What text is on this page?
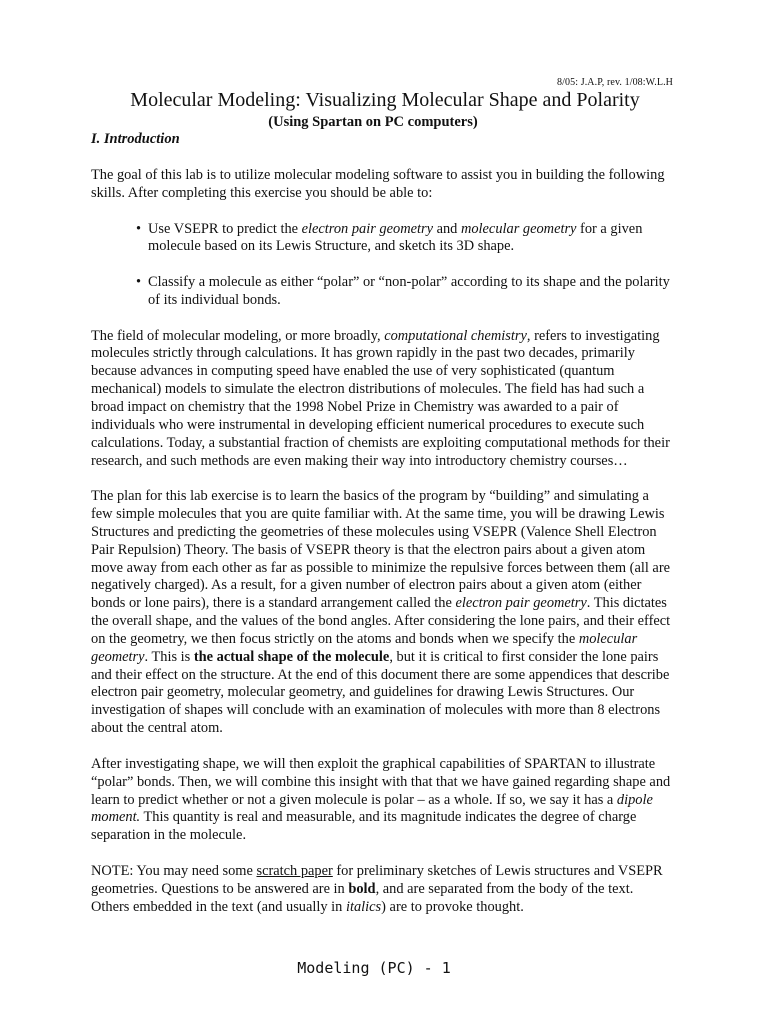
8/05: J.A.P, rev. 1/08:W.L.H
Molecular Modeling: Visualizing Molecular Shape and Polarity
(Using Spartan on PC computers)
I. Introduction

The goal of this lab is to utilize molecular modeling software to assist you in building the following skills. After completing this exercise you should be able to:

• Use VSEPR to predict the electron pair geometry and molecular geometry for a given molecule based on its Lewis Structure, and sketch its 3D shape.
• Classify a molecule as either “polar” or “non-polar” according to its shape and the polarity of its individual bonds.

The field of molecular modeling, or more broadly, computational chemistry, refers to investigating molecules strictly through calculations. It has grown rapidly in the past two decades, primarily because advances in computing speed have enabled the use of very sophisticated (quantum mechanical) models to simulate the electron distributions of molecules. The field has had such a broad impact on chemistry that the 1998 Nobel Prize in Chemistry was awarded to a pair of individuals who were instrumental in developing efficient numerical procedures to execute such calculations. Today, a substantial fraction of chemists are exploiting computational methods for their research, and such methods are even making their way into introductory chemistry courses…

The plan for this lab exercise is to learn the basics of the program by “building” and simulating a few simple molecules that you are quite familiar with. At the same time, you will be drawing Lewis Structures and predicting the geometries of these molecules using VSEPR (Valence Shell Electron Pair Repulsion) Theory. The basis of VSEPR theory is that the electron pairs about a given atom move away from each other as far as possible to minimize the repulsive forces between them (all are negatively charged). As a result, for a given number of electron pairs about a given atom (either bonds or lone pairs), there is a standard arrangement called the electron pair geometry. This dictates the overall shape, and the values of the bond angles. After considering the lone pairs, and their effect on the geometry, we then focus strictly on the atoms and bonds when we specify the molecular geometry. This is the actual shape of the molecule, but it is critical to first consider the lone pairs and their effect on the structure. At the end of this document there are some appendices that describe electron pair geometry, molecular geometry, and guidelines for drawing Lewis Structures. Our investigation of shapes will conclude with an examination of molecules with more than 8 electrons about the central atom.

After investigating shape, we will then exploit the graphical capabilities of SPARTAN to illustrate “polar” bonds. Then, we will combine this insight with that that we have gained regarding shape and learn to predict whether or not a given molecule is polar – as a whole. If so, we say it has a dipole moment. This quantity is real and measurable, and its magnitude indicates the degree of charge separation in the molecule.

NOTE: You may need some scratch paper for preliminary sketches of Lewis structures and VSEPR geometries. Questions to be answered are in bold, and are separated from the body of the text. Others embedded in the text (and usually in italics) are to provoke thought.

Modeling (PC) - 1
